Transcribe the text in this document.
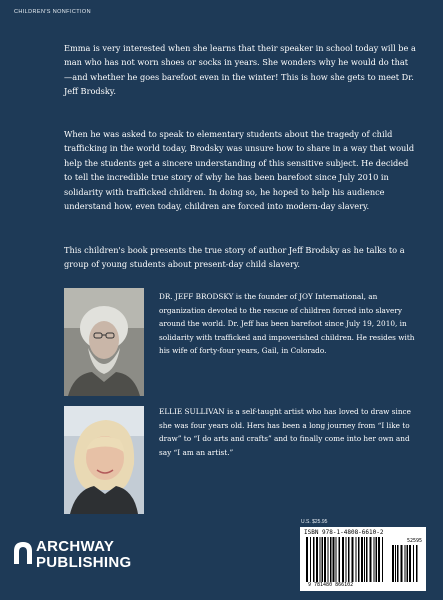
CHILDREN'S NONFICTION

Emma is very interested when she learns that their speaker in school today will be a man who has not worn shoes or socks in years. She wonders why he would do that—and whether he goes barefoot even in the winter! This is how she gets to meet Dr. Jeff Brodsky.

When he was asked to speak to elementary students about the tragedy of child trafficking in the world today, Brodsky was unsure how to share in a way that would help the students get a sincere understanding of this sensitive subject. He decided to tell the incredible true story of why he has been barefoot since July 2010 in solidarity with trafficked children. In doing so, he hoped to help his audience understand how, even today, children are forced into modern-day slavery.

This children's book presents the true story of author Jeff Brodsky as he talks to a group of young students about present-day child slavery.

DR. JEFF BRODSKY is the founder of JOY International, an organization devoted to the rescue of children forced into slavery around the world. Dr. Jeff has been barefoot since July 19, 2010, in solidarity with trafficked and impoverished children. He resides with his wife of forty-four years, Gail, in Colorado.

ELLIE SULLIVAN is a self-taught artist who has loved to draw since she was four years old. Hers has been a long journey from “I like to draw” to “I do arts and crafts” and to finally come into her own and say “I am an artist.”

ARCHWAY
PUBLISHING
U.S. $25.95
ISBN 978-1-4808-6610-2
52595
9 781480 866102
